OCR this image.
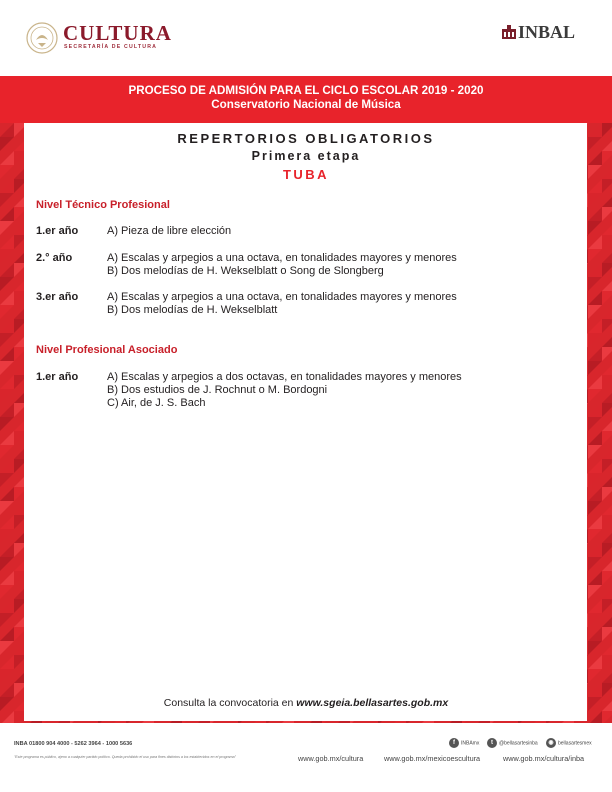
CULTURA
SECRETARÍA DE CULTURA
INBAL
PROCESO DE ADMISIÓN PARA EL CICLO ESCOLAR 2019 - 2020
Conservatorio Nacional de Música
REPERTORIOS OBLIGATORIOS
Primera etapa
TUBA
Nivel Técnico Profesional
1.er año	A) Pieza de libre elección
2.° año	A) Escalas y arpegios a una octava, en tonalidades mayores y menores
B) Dos melodías de H. Wekselblatt o Song de Slongberg
3.er año	A) Escalas y arpegios a una octava, en tonalidades mayores y menores
B) Dos melodías de H. Wekselblatt
Nivel Profesional Asociado
1.er año	A) Escalas y arpegios a dos octavas, en tonalidades mayores y menores
B) Dos estudios de J. Rochnut o M. Bordogni
C) Air, de J. S. Bach
Consulta la convocatoria en www.sgeia.bellasartes.gob.mx
INBA 01800 904 4000 - 5262 3964 - 1000 5636
"Este programa es público, ajeno a cualquier partido político. Queda prohibido el uso para fines distintos a los establecidos en el programa"
f INBAmx	t @bellasartesinba	◉ bellasartesmex
www.gob.mx/cultura	www.gob.mx/mexicoescultura	www.gob.mx/cultura/inba
